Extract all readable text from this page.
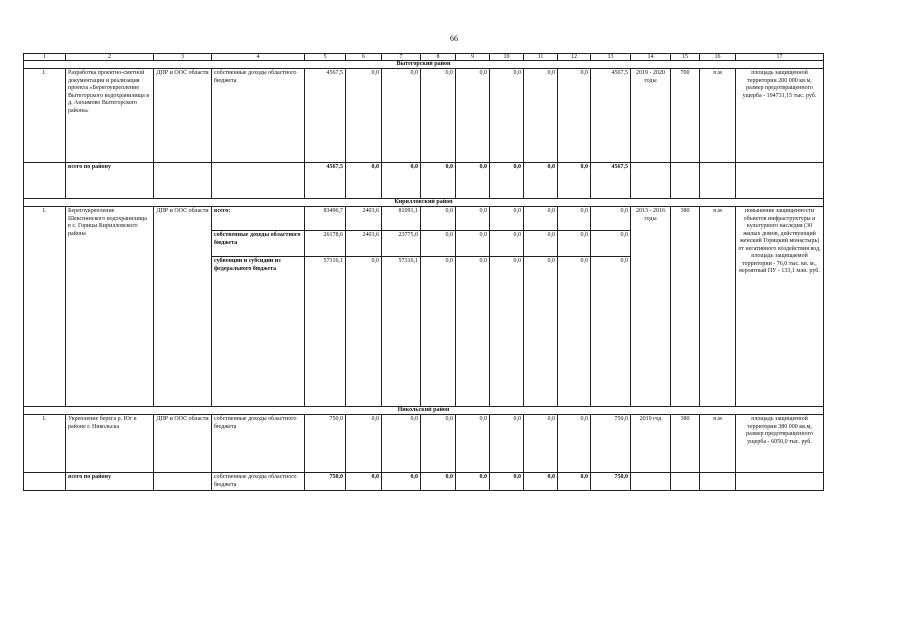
66
1	2	3	4	5	6	7	8	9	10	11	12	13	14	15	16	17
Вытегорский район																
1.	Разработка проектно-сметной документации и реализация проекта «Берегоукрепление Вытегорского водохранилища в д. Анхимово Вытегорского района»	ДПР и ООС области	собственные доходы областного бюджета	4567,5	0,0	0,0	0,0	0,0	0,0	0,0	0,0	4567,5	2019 - 2020 годы	700	п.м	площадь защищенной территории 200 000 кв.м, размер предотвращенного ущерба - 194731,15 тыс. руб.
	всего по району			4567,5	0,0	0,0	0,0	0,0	0,0	0,0	0,0	4567,5				
Кирилловский район																
1.	Берегоукрепление Шекснинского водохранилища в с. Горицы Кирилловского района	ДПР и ООС области	всего:	83496,7	2403,6	81091,1	0,0	0,0	0,0	0,0	0,0	0,0	2013 - 2016 годы	380	п.м	повышение защищенности объектов инфраструктуры и культурного наследия (30 жилых домов, действующий женский Горицкий монастырь) от негативного воздействия вод, площадь защищаемой территории - 76,0 тыс. кв. м., вероятный ПУ - 133,1 млн. руб.
			собственные доходы областного бюджета	26178,6	2403,6	23775,0	0,0	0,0	0,0	0,0	0,0	0,0				
			субвенции и субсидии из федерального бюджета	57316,1	0,0	57316,1	0,0	0,0	0,0	0,0	0,0	0,0				
Никольский район																
1.	Укрепление берега р. Юг в районе г. Никольска	ДПР и ООС области	собственные доходы областного бюджета	750,0	0,0	0,0	0,0	0,0	0,0	0,0	0,0	750,0	2019 год	380	п.м	площадь защищенной территории 380 000 кв.м, размер предотвращенного ущерба - 6050,0 тыс. руб.
	всего по району		собственные доходы областного бюджета	750,0	0,0	0,0	0,0	0,0	0,0	0,0	0,0	750,0				
